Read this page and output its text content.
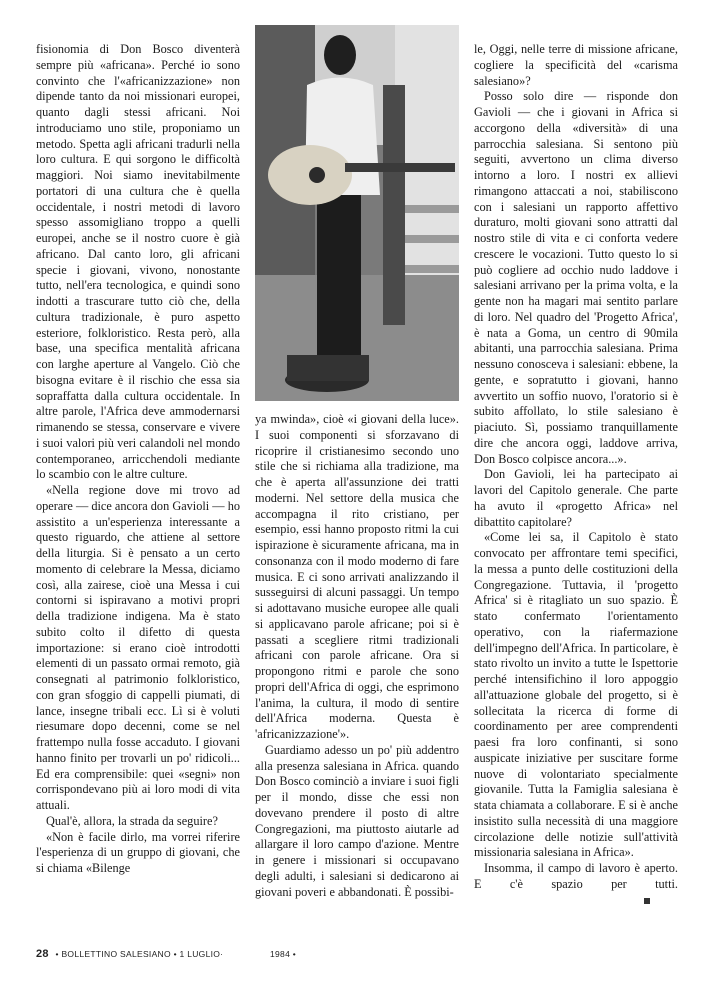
fisionomia di Don Bosco diventerà sempre più «africana». Perché io sono convinto che l'«africanizzazione» non dipende tanto da noi missionari europei, quanto dagli stessi africani. Noi introduciamo uno stile, proponiamo un metodo. Spetta agli africani tradurli nella loro cultura. E qui sorgono le difficoltà maggiori. Noi siamo inevitabilmente portatori di una cultura che è quella occidentale, i nostri metodi di lavoro spesso assomigliano troppo a quelli europei, anche se il nostro cuore è già africano. Dal canto loro, gli africani specie i giovani, vivono, nonostante tutto, nell'era tecnologica, e quindi sono indotti a trascurare tutto ciò che, della cultura tradizionale, è puro aspetto esteriore, folkloristico. Resta però, alla base, una specifica mentalità africana con larghe aperture al Vangelo. Ciò che bisogna evitare è il rischio che essa sia sopraffatta dalla cultura occidentale. In altre parole, l'Africa deve ammodernarsi rimanendo se stessa, conservare e vivere i suoi valori più veri calandoli nel mondo contemporaneo, arricchendoli mediante lo scambio con le altre culture.

«Nella regione dove mi trovo ad operare — dice ancora don Gavioli — ho assistito a un'esperienza interessante a questo riguardo, che attiene al settore della liturgia. Si è pensato a un certo momento di celebrare la Messa, diciamo così, alla zairese, cioè una Messa i cui contorni si ispiravano a motivi propri della tradizione indigena. Ma è stato subito colto il difetto di questa importazione: si erano cioè introdotti elementi di un passato ormai remoto, già consegnati al patrimonio folkloristico, con gran sfoggio di cappelli piumati, di lance, insegne tribali ecc. Lì si è voluti riesumare dopo decenni, come se nel frattempo nulla fosse accaduto. I giovani hanno finito per trovarli un po' ridicoli... Ed era comprensibile: quei «segni» non corrispondevano più ai loro modi di vita attuali.

Qual'è, allora, la strada da seguire?

«Non è facile dirlo, ma vorrei riferire l'esperienza di un gruppo di giovani, che si chiama «Bilenge

ya mwinda», cioè «i giovani della luce». I suoi componenti si sforzavano di ricoprire il cristianesimo secondo uno stile che si richiama alla tradizione, ma che è aperta all'assunzione dei tratti moderni. Nel settore della musica che accompagna il rito cristiano, per esempio, essi hanno proposto ritmi la cui ispirazione è sicuramente africana, ma in consonanza con il modo moderno di fare musica. E ci sono arrivati analizzando il susseguirsi di alcuni passaggi. Un tempo si adottavano musiche europee alle quali si applicavano parole africane; poi si è passati a scegliere ritmi tradizionali africani con parole africane. Ora si propongono ritmi e parole che sono propri dell'Africa di oggi, che esprimono l'anima, la cultura, il modo di sentire dell'Africa moderna. Questa è 'africanizzazione'».

Guardiamo adesso un po' più addentro alla presenza salesiana in Africa. quando Don Bosco cominciò a inviare i suoi figli per il mondo, disse che essi non dovevano prendere il posto di altre Congregazioni, ma piuttosto aiutarle ad allargare il loro campo d'azione. Mentre in genere i missionari si occupavano degli adulti, i salesiani si dedicarono ai giovani poveri e abbandonati. È possibi-

le, Oggi, nelle terre di missione africane, cogliere la specificità del «carisma salesiano»?

Posso solo dire — risponde don Gavioli — che i giovani in Africa si accorgono della «diversità» di una parrocchia salesiana. Si sentono più seguiti, avvertono un clima diverso intorno a loro. I nostri ex allievi rimangono attaccati a noi, stabiliscono con i salesiani un rapporto affettivo duraturo, molti giovani sono attratti dal nostro stile di vita e ci conforta vedere crescere le vocazioni. Tutto questo lo si può cogliere ad occhio nudo laddove i salesiani arrivano per la prima volta, e la gente non ha magari mai sentito parlare di loro. Nel quadro del 'Progetto Africa', è nata a Goma, un centro di 90mila abitanti, una parrocchia salesiana. Prima nessuno conosceva i salesiani: ebbene, la gente, e sopratutto i giovani, hanno avvertito un soffio nuovo, l'oratorio si è subito affollato, lo stile salesiano è piaciuto. Sì, possiamo tranquillamente dire che ancora oggi, laddove arriva, Don Bosco colpisce ancora...».

Don Gavioli, lei ha partecipato ai lavori del Capitolo generale. Che parte ha avuto il «progetto Africa» nel dibattito capitolare?

«Come lei sa, il Capitolo è stato convocato per affrontare temi specifici, la messa a punto delle costituzioni della Congregazione. Tuttavia, il 'progetto Africa' si è ritagliato un suo spazio. È stato confermato l'orientamento operativo, con la riafermazione dell'impegno dell'Africa. In particolare, è stato rivolto un invito a tutte le Ispettorie perché intensifichino il loro appoggio all'attuazione globale del progetto, si è sollecitata la ricerca di forme di coordinamento per aree comprendenti paesi fra loro confinanti, si sono auspicate iniziative per suscitare forme nuove di volontariato specialmente giovanile. Tutta la Famiglia salesiana è stata chiamata a collaborare. E si è anche insistito sulla necessità di una maggiore circolazione delle notizie sull'attività missionaria salesiana in Africa».

Insomma, il campo di lavoro è aperto. E c'è spazio per tutti.

28 • BOLLETTINO SALESIANO • 1 LUGLIO·	1984 •
